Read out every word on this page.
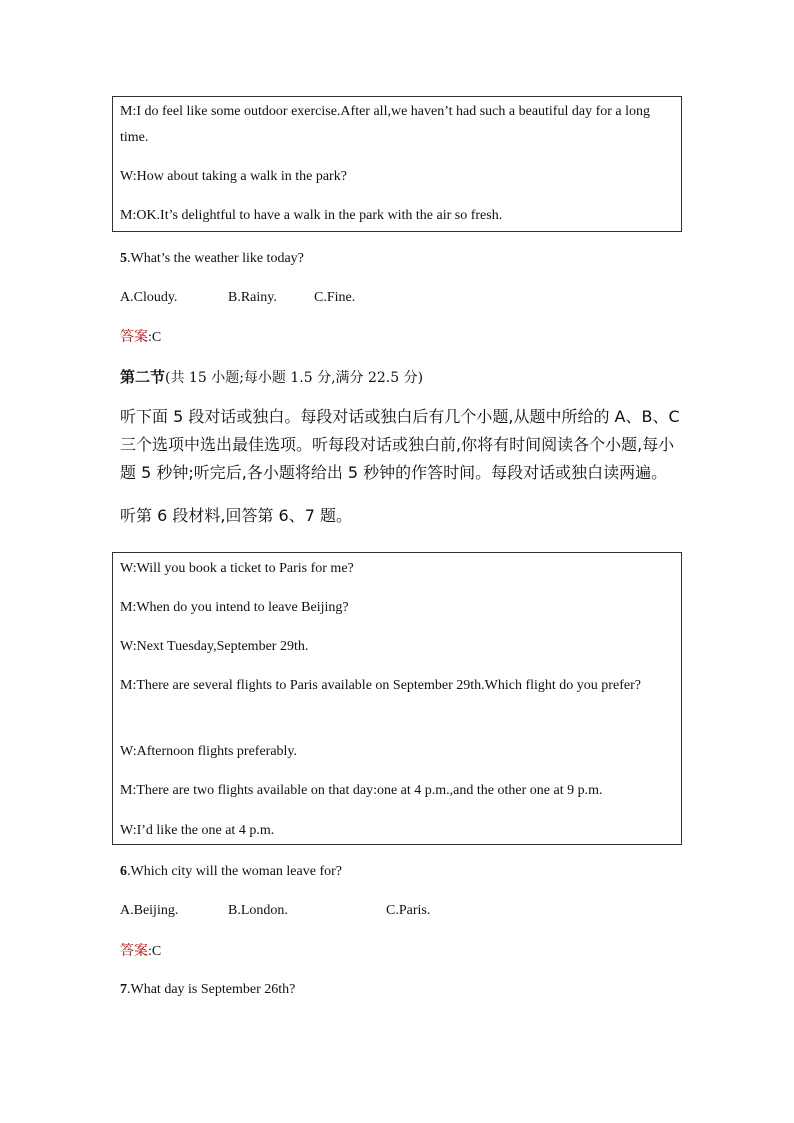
M:I do feel like some outdoor exercise.After all,we haven’t had such a beautiful day for a long time.
W:How about taking a walk in the park?
M:OK.It’s delightful to have a walk in the park with the air so fresh.
5.What’s the weather like today?
A.Cloudy.	B.Rainy.	C.Fine.
答案:C
第二节(共 15 小题;每小题 1.5 分,满分 22.5 分)
听下面 5 段对话或独白。每段对话或独白后有几个小题,从题中所给的 A、B、C 三个选项中选出最佳选项。听每段对话或独白前,你将有时间阅读各个小题,每小题 5 秒钟;听完后,各小题将给出 5 秒钟的作答时间。每段对话或独白读两遍。
听第 6 段材料,回答第 6、7 题。
W:Will you book a ticket to Paris for me?
M:When do you intend to leave Beijing?
W:Next Tuesday,September 29th.
M:There are several flights to Paris available on September 29th.Which flight do you prefer?
W:Afternoon flights preferably.
M:There are two flights available on that day:one at 4 p.m.,and the other one at 9 p.m.
W:I’d like the one at 4 p.m.
6.Which city will the woman leave for?
A.Beijing.	B.London.	C.Paris.
答案:C
7.What day is September 26th?
